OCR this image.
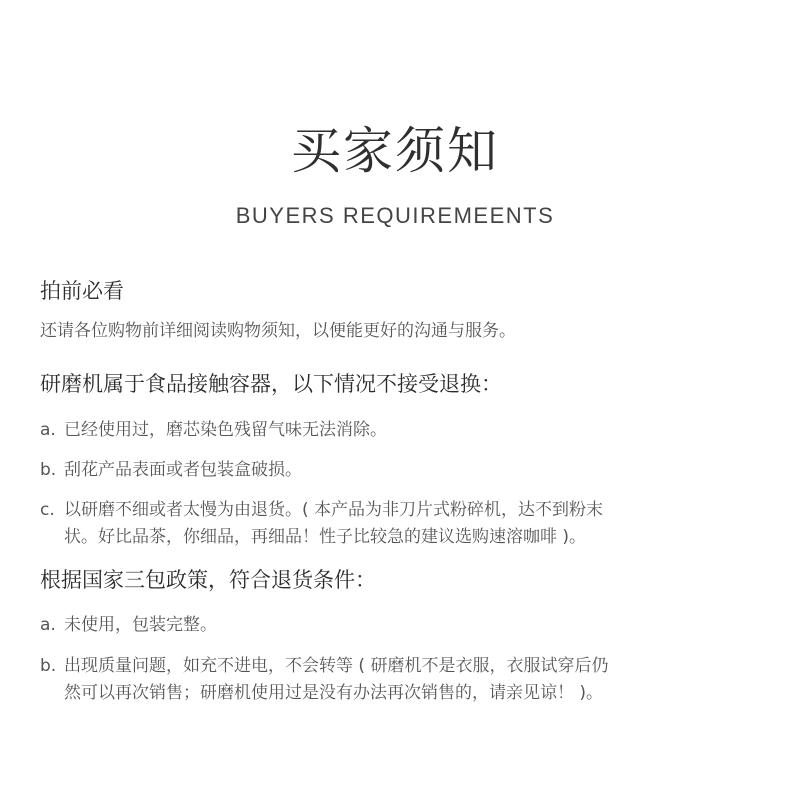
买家须知
BUYERS REQUIREMEENTS
拍前必看
还请各位购物前详细阅读购物须知，以便能更好的沟通与服务。
研磨机属于食品接触容器，以下情况不接受退换：
a. 已经使用过，磨芯染色残留气味无法消除。
b. 刮花产品表面或者包装盒破损。
c. 以研磨不细或者太慢为由退货。( 本产品为非刀片式粉碎机，达不到粉末
状。好比品茶，你细品，再细品！性子比较急的建议选购速溶咖啡 )。
根据国家三包政策，符合退货条件：
a. 未使用，包装完整。
b. 出现质量问题，如充不进电，不会转等 ( 研磨机不是衣服，衣服试穿后仍
然可以再次销售；研磨机使用过是没有办法再次销售的，请亲见谅！ )。
